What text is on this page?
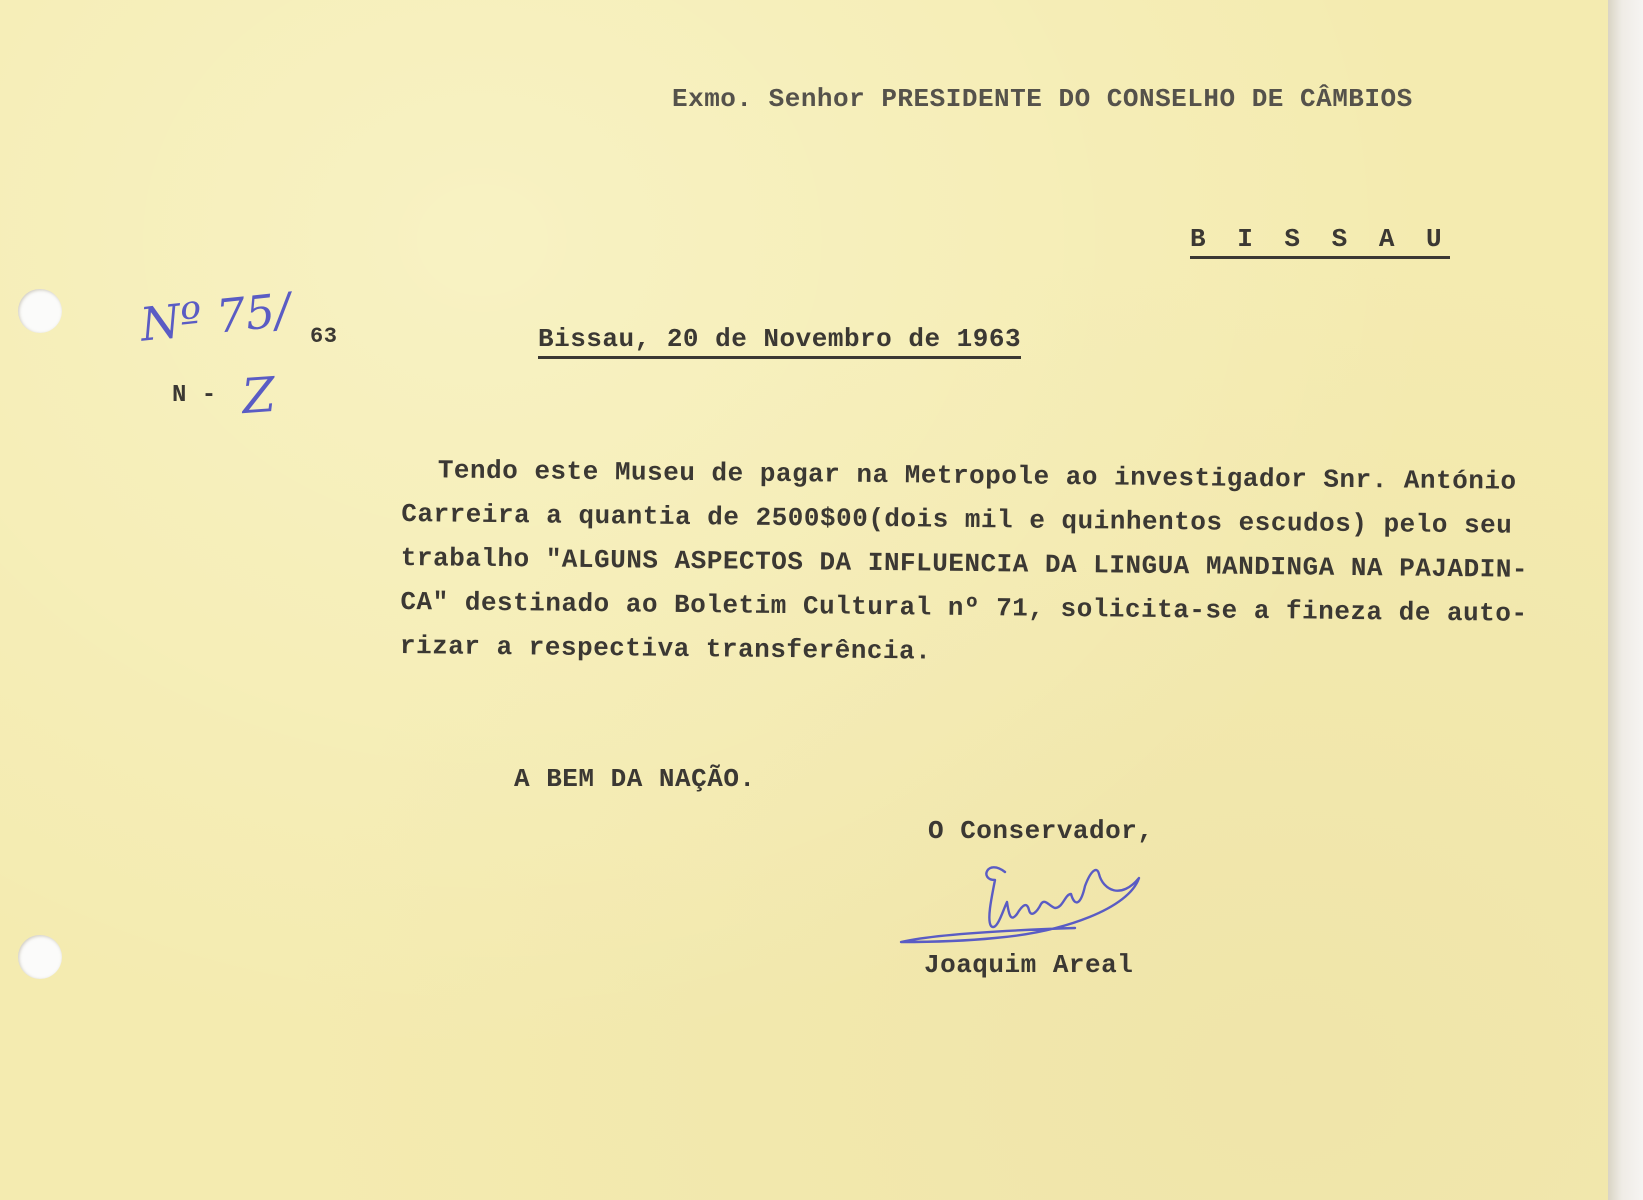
Exmo. Senhor PRESIDENTE DO CONSELHO DE CÂMBIOS
B I S S A U
Nº 75/ 63
N - Z
Bissau, 20 de Novembro de 1963
Tendo este Museu de pagar na Metropole ao investigador Snr. António
Carreira a quantia de 2500$00(dois mil e quinhentos escudos) pelo seu
trabalho "ALGUNS ASPECTOS DA INFLUENCIA DA LINGUA MANDINGA NA PAJADIN-
CA" destinado ao Boletim Cultural nº 71, solicita-se a fineza de auto-
rizar a respectiva transferência.
A BEM DA NAÇÃO.
O Conservador,
Joaquim Areal
